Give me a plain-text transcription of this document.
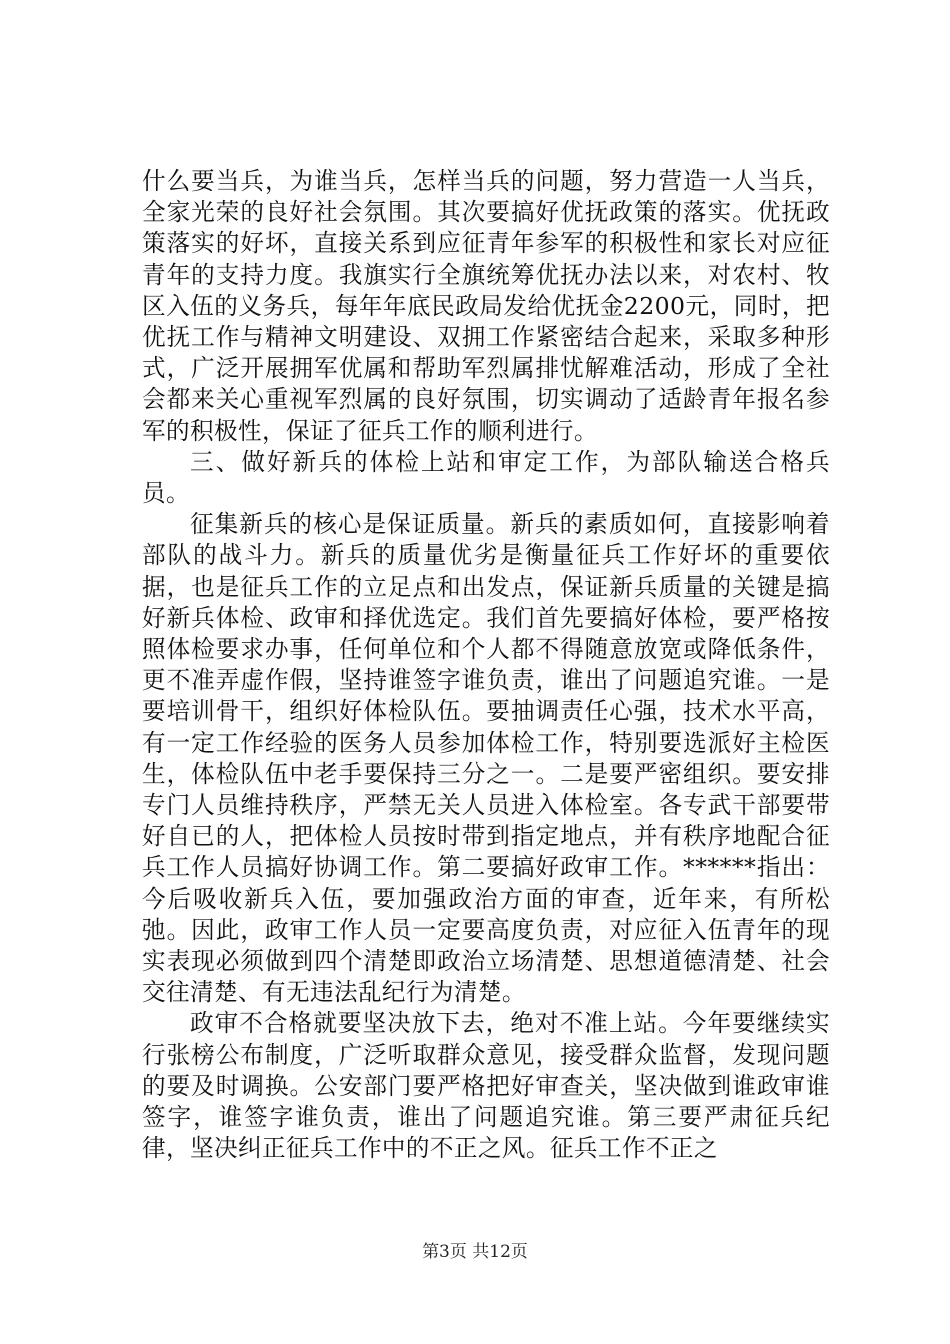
什么要当兵，为谁当兵，怎样当兵的问题，努力营造一人当兵，全家光荣的良好社会氛围。其次要搞好优抚政策的落实。优抚政策落实的好坏，直接关系到应征青年参军的积极性和家长对应征青年的支持力度。我旗实行全旗统筹优抚办法以来，对农村、牧区入伍的义务兵，每年年底民政局发给优抚金2200元，同时，把优抚工作与精神文明建设、双拥工作紧密结合起来，采取多种形式，广泛开展拥军优属和帮助军烈属排忧解难活动，形成了全社会都来关心重视军烈属的良好氛围，切实调动了适龄青年报名参军的积极性，保证了征兵工作的顺利进行。

三、做好新兵的体检上站和审定工作，为部队输送合格兵员。

征集新兵的核心是保证质量。新兵的素质如何，直接影响着部队的战斗力。新兵的质量优劣是衡量征兵工作好坏的重要依据，也是征兵工作的立足点和出发点，保证新兵质量的关键是搞好新兵体检、政审和择优选定。我们首先要搞好体检，要严格按照体检要求办事，任何单位和个人都不得随意放宽或降低条件，更不准弄虚作假，坚持谁签字谁负责，谁出了问题追究谁。一是要培训骨干，组织好体检队伍。要抽调责任心强，技术水平高，有一定工作经验的医务人员参加体检工作，特别要选派好主检医生，体检队伍中老手要保持三分之一。二是要严密组织。要安排专门人员维持秩序，严禁无关人员进入体检室。各专武干部要带好自已的人，把体检人员按时带到指定地点，并有秩序地配合征兵工作人员搞好协调工作。第二要搞好政审工作。******指出：今后吸收新兵入伍，要加强政治方面的审查，近年来，有所松弛。因此，政审工作人员一定要高度负责，对应征入伍青年的现实表现必须做到四个清楚即政治立场清楚、思想道德清楚、社会交往清楚、有无违法乱纪行为清楚。

政审不合格就要坚决放下去，绝对不准上站。今年要继续实行张榜公布制度，广泛听取群众意见，接受群众监督，发现问题的要及时调换。公安部门要严格把好审查关，坚决做到谁政审谁签字，谁签字谁负责，谁出了问题追究谁。第三要严肃征兵纪律，坚决纠正征兵工作中的不正之风。征兵工作不正之

第3页 共12页
